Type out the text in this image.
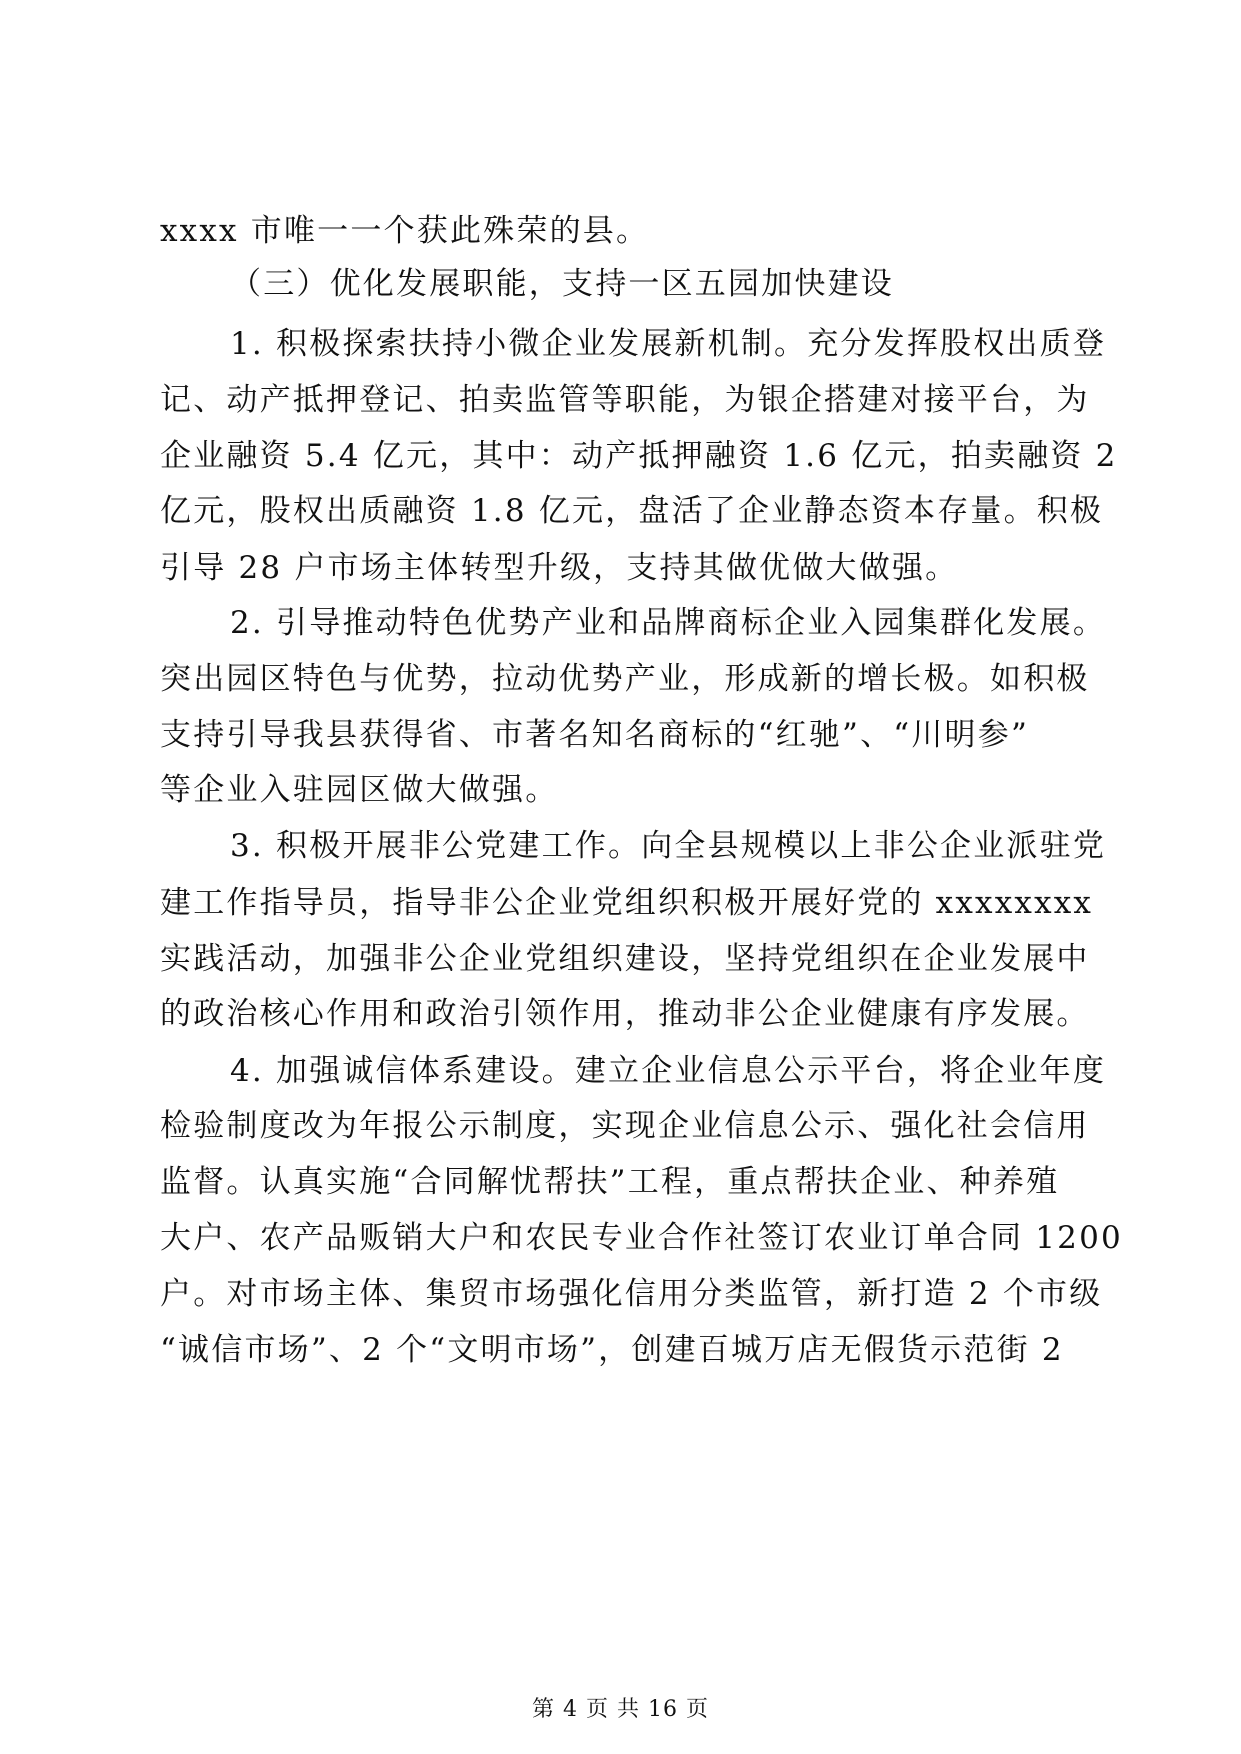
xxxx 市唯一一个获此殊荣的县。
（三）优化发展职能，支持一区五园加快建设
1. 积极探索扶持小微企业发展新机制。充分发挥股权出质登
记、动产抵押登记、拍卖监管等职能，为银企搭建对接平台，为
企业融资 5.4 亿元，其中：动产抵押融资 1.6 亿元，拍卖融资 2
亿元，股权出质融资 1.8 亿元，盘活了企业静态资本存量。积极
引导 28 户市场主体转型升级，支持其做优做大做强。
2. 引导推动特色优势产业和品牌商标企业入园集群化发展。
突出园区特色与优势，拉动优势产业，形成新的增长极。如积极
支持引导我县获得省、市著名知名商标的“红驰”、“川明参”
等企业入驻园区做大做强。
3. 积极开展非公党建工作。向全县规模以上非公企业派驻党
建工作指导员，指导非公企业党组织积极开展好党的 xxxxxxxx
实践活动，加强非公企业党组织建设，坚持党组织在企业发展中
的政治核心作用和政治引领作用，推动非公企业健康有序发展。
4. 加强诚信体系建设。建立企业信息公示平台，将企业年度
检验制度改为年报公示制度，实现企业信息公示、强化社会信用
监督。认真实施“合同解忧帮扶”工程，重点帮扶企业、种养殖
大户、农产品贩销大户和农民专业合作社签订农业订单合同 1200
户。对市场主体、集贸市场强化信用分类监管，新打造 2 个市级
“诚信市场”、2 个“文明市场”，创建百城万店无假货示范街 2
第 4 页 共 16 页
